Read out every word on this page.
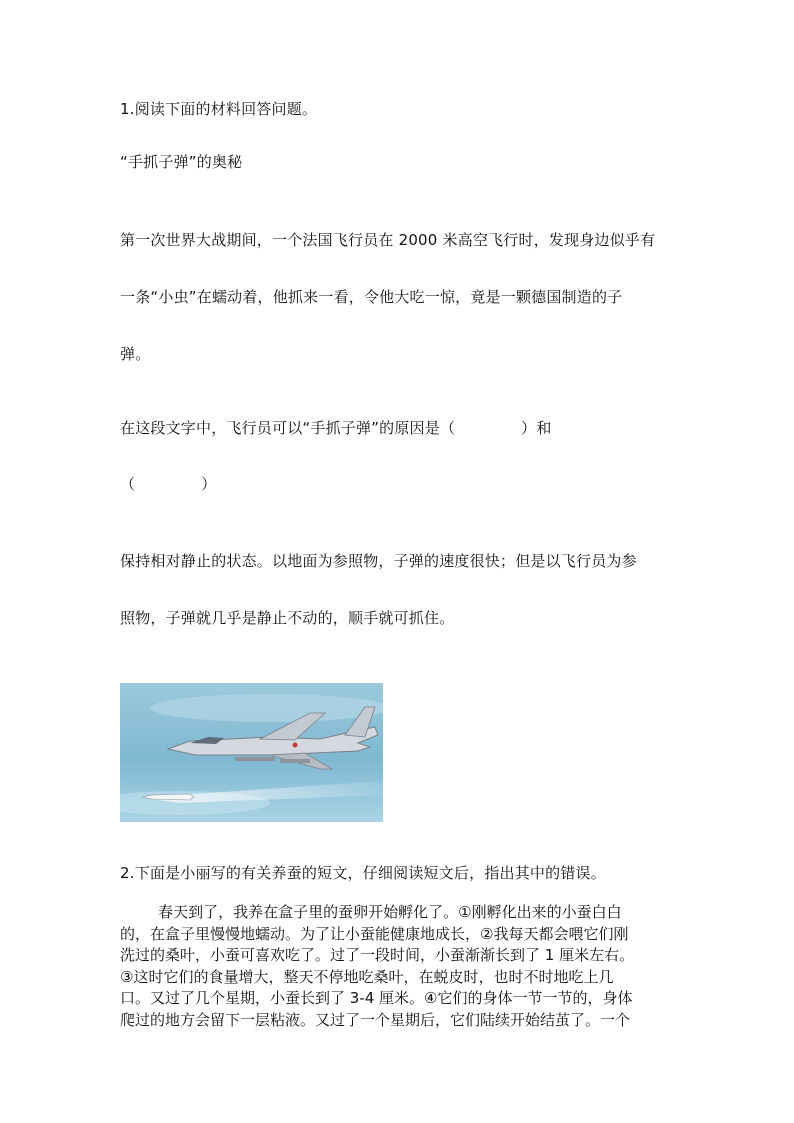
1.阅读下面的材料回答问题。
“手抓子弹”的奥秘
第一次世界大战期间，一个法国飞行员在 2000 米高空飞行时，发现身边似乎有
一条“小虫”在蠕动着，他抓来一看，令他大吃一惊，竟是一颗德国制造的子
弹。
在这段文字中，飞行员可以“手抓子弹”的原因是（	）和
（	）
保持相对静止的状态。以地面为参照物，子弹的速度很快；但是以飞行员为参
照物，子弹就几乎是静止不动的，顺手就可抓住。
2.下面是小丽写的有关养蚕的短文，仔细阅读短文后，指出其中的错误。
春天到了，我养在盒子里的蚕卵开始孵化了。①刚孵化出来的小蚕白白
的，在盒子里慢慢地蠕动。为了让小蚕能健康地成长，②我每天都会喂它们刚
洗过的桑叶，小蚕可喜欢吃了。过了一段时间，小蚕渐渐长到了 1 厘米左右。
③这时它们的食量增大，整天不停地吃桑叶，在蜕皮时，也时不时地吃上几
口。又过了几个星期，小蚕长到了 3-4 厘米。④它们的身体一节一节的，身体
爬过的地方会留下一层粘液。又过了一个星期后，它们陆续开始结茧了。一个
